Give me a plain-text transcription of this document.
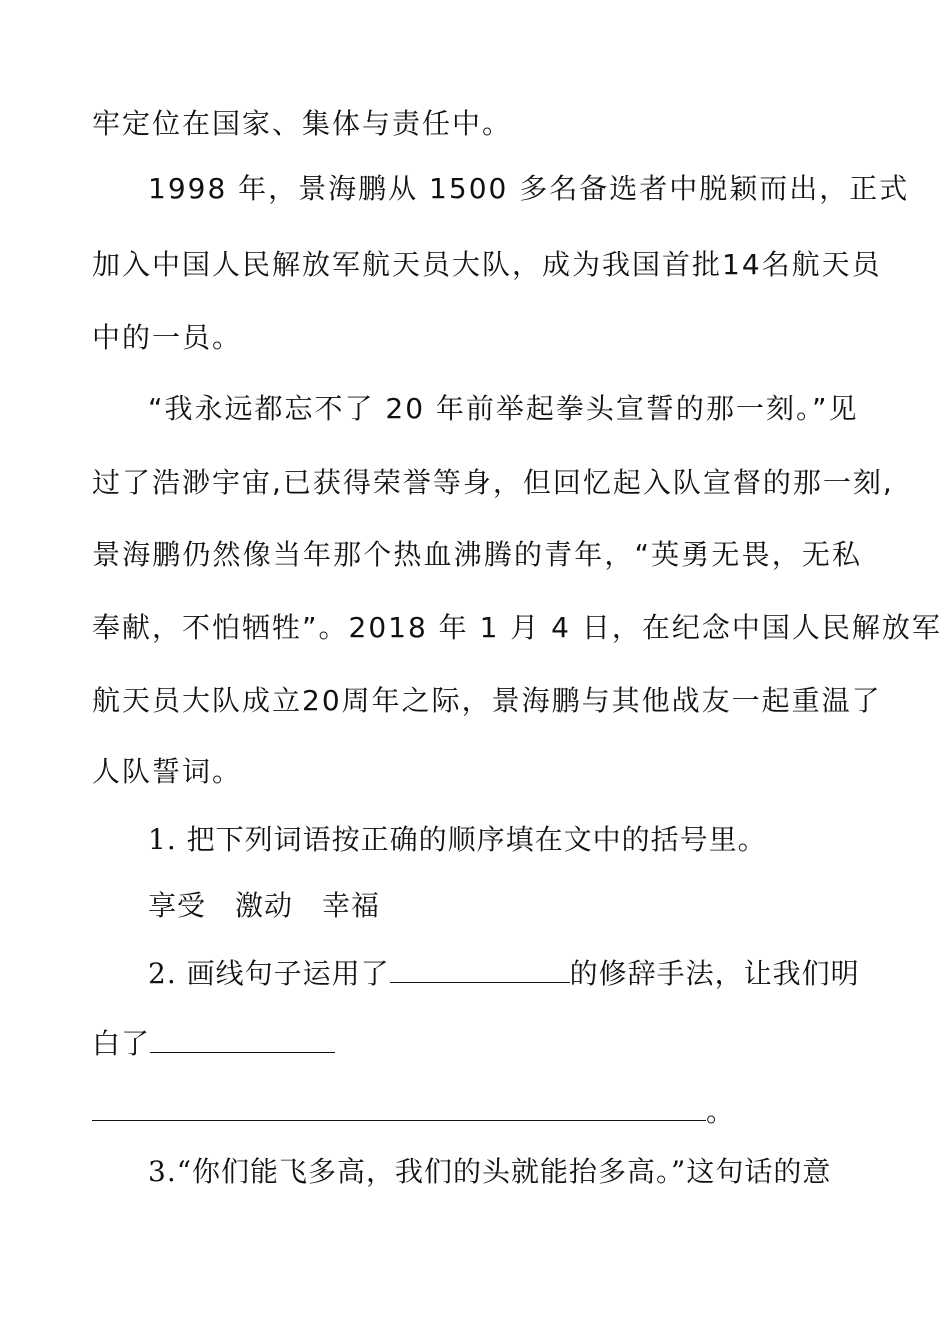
牢定位在国家、集体与责任中。
1998 年，景海鹏从 1500 多名备选者中脱颖而出，正式
加入中国人民解放军航天员大队，成为我国首批14名航天员
中的一员。
“我永远都忘不了 20 年前举起拳头宣誓的那一刻。”见
过了浩渺宇宙,已获得荣誉等身，但回忆起入队宣督的那一刻,
景海鹏仍然像当年那个热血沸腾的青年，“英勇无畏，无私
奉献，不怕牺牲”。2018 年 1 月 4 日，在纪念中国人民解放军
航天员大队成立20周年之际，景海鹏与其他战友一起重温了
人队誓词。
1. 把下列词语按正确的顺序填在文中的括号里。
享受　激动　幸福
2. 画线句子运用了	的修辞手法，让我们明
白了
。
3.“你们能飞多高，我们的头就能抬多高。”这句话的意
